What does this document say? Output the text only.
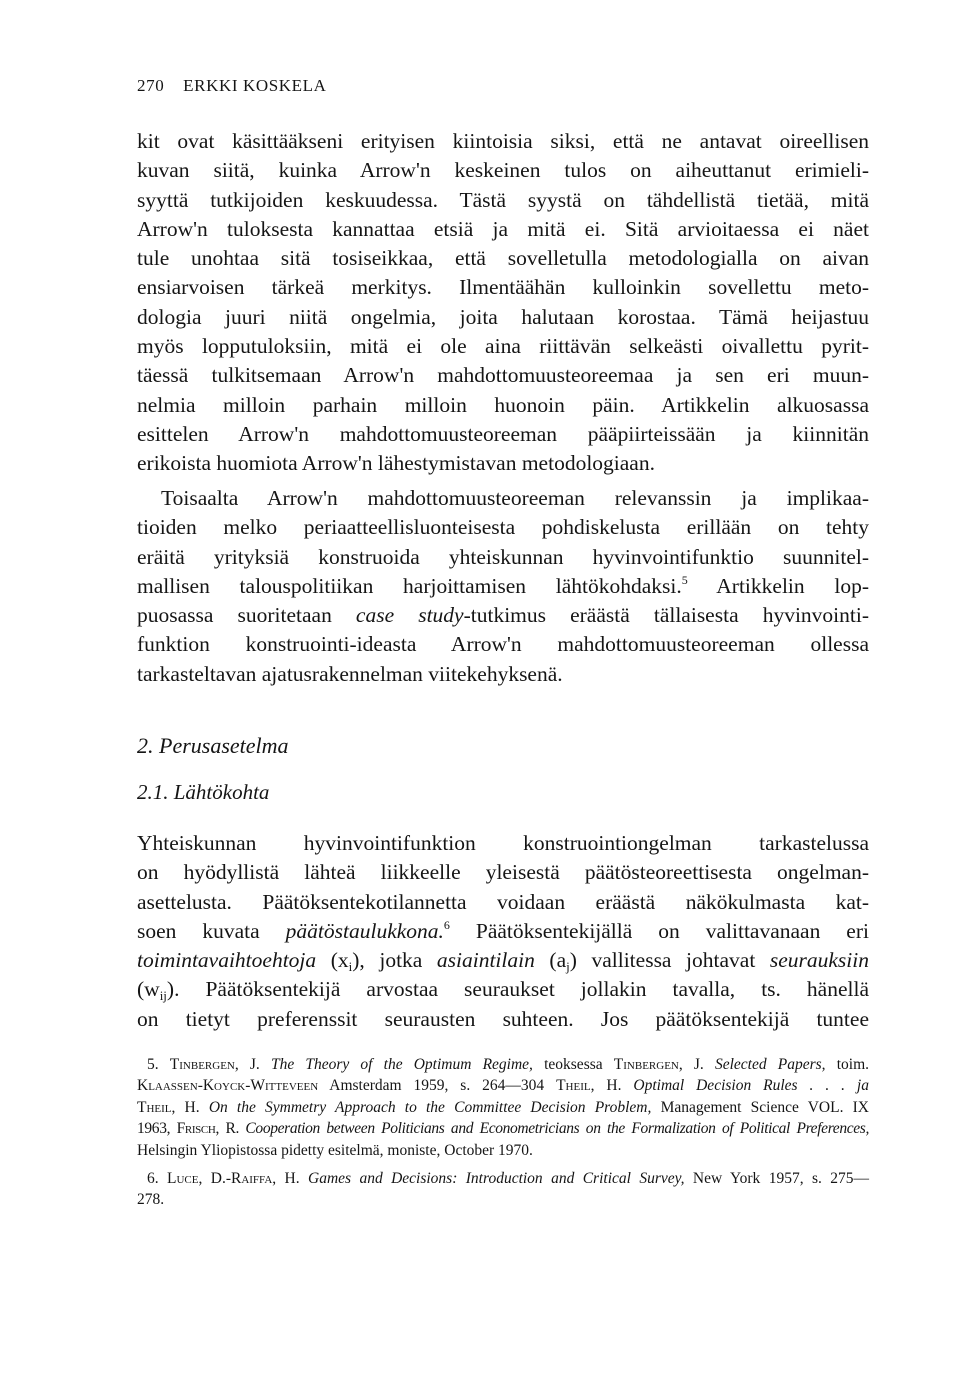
270 ERKKI KOSKELA
kit ovat käsittääkseni erityisen kiintoisia siksi, että ne antavat oireellisen
kuvan siitä, kuinka Arrow'n keskeinen tulos on aiheuttanut erimieli-
syyttä tutkijoiden keskuudessa. Tästä syystä on tähdellistä tietää, mitä
Arrow'n tuloksesta kannattaa etsiä ja mitä ei. Sitä arvioitaessa ei näet
tule unohtaa sitä tosiseikkaa, että sovelletulla metodologialla on aivan
ensiarvoisen tärkeä merkitys. Ilmentäähän kulloinkin sovellettu meto-
dologia juuri niitä ongelmia, joita halutaan korostaa. Tämä heijastuu
myös lopputuloksiin, mitä ei ole aina riittävän selkeästi oivallettu pyrit-
täessä tulkitsemaan Arrow'n mahdottomuusteoreemaa ja sen eri muun-
nelmia milloin parhain milloin huonoin päin. Artikkelin alkuosassa
esittelen Arrow'n mahdottomuusteoreeman pääpiirteissään ja kiinnitän
erikoista huomiota Arrow'n lähestymistavan metodologiaan.
Toisaalta Arrow'n mahdottomuusteoreeman relevanssin ja implikaa-
tioiden melko periaatteellisluonteisesta pohdiskelusta erillään on tehty
eräitä yrityksiä konstruoida yhteiskunnan hyvinvointifunktio suunnitel-
mallisen talouspolitiikan harjoittamisen lähtökohdaksi.$^5$ Artikkelin lop-
puosassa suoritetaan case study-tutkimus eräästä tällaisesta hyvinvointi-
funktion konstruointi-ideasta Arrow'n mahdottomuusteoreeman ollessa
tarkasteltavan ajatusrakennelman viitekehyksenä.
2. Perusasetelma
2.1. Lähtökohta
Yhteiskunnan hyvinvointifunktion konstruointiongelman tarkastelussa
on hyödyllistä lähteä liikkeelle yleisestä päätösteoreettisesta ongelman-
asettelusta. Päätöksentekotilannetta voidaan eräästä näkökulmasta kat-
soen kuvata päätöstaulukkona.$^6$ Päätöksentekijällä on valittavanaan eri
toimintavaihtoehtoja $(x_i)$, jotka asiaintilain $(a_j)$ vallitessa johtavat seurauksiin
$(w_{ij})$. Päätöksentekijä arvostaa seuraukset jollakin tavalla, ts. hänellä
on tietyt preferenssit seurausten suhteen. Jos päätöksentekijä tuntee
5. Tinbergen, J. The Theory of the Optimum Regime, teoksessa Tinbergen, J. Selected Papers, toim.
Klaassen-Koyck-Witteveen Amsterdam 1959, s. 264—304 Theil, H. Optimal Decision Rules . . . ja
Theil, H. On the Symmetry Approach to the Committee Decision Problem, Management Science VOL. IX
1963, Frisch, R. Cooperation between Politicians and Econometricians on the Formalization of Political Preferences,
Helsingin Yliopistossa pidetty esitelmä, moniste, October 1970.
6. Luce, D.-Raiffa, H. Games and Decisions: Introduction and Critical Survey, New York 1957, s. 275—
278.
